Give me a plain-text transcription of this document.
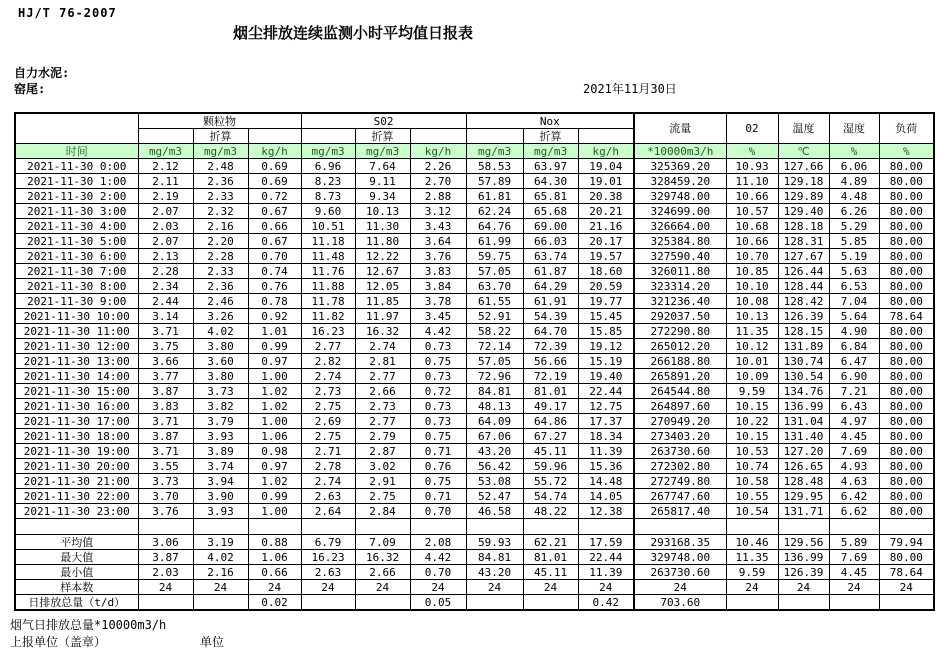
HJ/T 76-2007
烟尘排放连续监测小时平均值日报表
自力水泥:
窑尾:	2021年11月30日
	颗粒物			S02			Nox			流量	02	温度	湿度	负荷
		折算			折算			折算						
时间	mg/m3	mg/m3	kg/h	mg/m3	mg/m3	kg/h	mg/m3	mg/m3	kg/h	*10000m3/h	%	℃	%	%
2021-11-30 0:00	2.12	2.48	0.69	6.96	7.64	2.26	58.53	63.97	19.04	325369.20	10.93	127.66	6.06	80.00
2021-11-30 1:00	2.11	2.36	0.69	8.23	9.11	2.70	57.89	64.30	19.01	328459.20	11.10	129.18	4.89	80.00
2021-11-30 2:00	2.19	2.33	0.72	8.73	9.34	2.88	61.81	65.81	20.38	329748.00	10.66	129.89	4.48	80.00
2021-11-30 3:00	2.07	2.32	0.67	9.60	10.13	3.12	62.24	65.68	20.21	324699.00	10.57	129.40	6.26	80.00
2021-11-30 4:00	2.03	2.16	0.66	10.51	11.30	3.43	64.76	69.00	21.16	326664.00	10.68	128.18	5.29	80.00
2021-11-30 5:00	2.07	2.20	0.67	11.18	11.80	3.64	61.99	66.03	20.17	325384.80	10.66	128.31	5.85	80.00
2021-11-30 6:00	2.13	2.28	0.70	11.48	12.22	3.76	59.75	63.74	19.57	327590.40	10.70	127.67	5.19	80.00
2021-11-30 7:00	2.28	2.33	0.74	11.76	12.67	3.83	57.05	61.87	18.60	326011.80	10.85	126.44	5.63	80.00
2021-11-30 8:00	2.34	2.36	0.76	11.88	12.05	3.84	63.70	64.29	20.59	323314.20	10.10	128.44	6.53	80.00
2021-11-30 9:00	2.44	2.46	0.78	11.78	11.85	3.78	61.55	61.91	19.77	321236.40	10.08	128.42	7.04	80.00
2021-11-30 10:00	3.14	3.26	0.92	11.82	11.97	3.45	52.91	54.39	15.45	292037.50	10.13	126.39	5.64	78.64
2021-11-30 11:00	3.71	4.02	1.01	16.23	16.32	4.42	58.22	64.70	15.85	272290.80	11.35	128.15	4.90	80.00
2021-11-30 12:00	3.75	3.80	0.99	2.77	2.74	0.73	72.14	72.39	19.12	265012.20	10.12	131.89	6.84	80.00
2021-11-30 13:00	3.66	3.60	0.97	2.82	2.81	0.75	57.05	56.66	15.19	266188.80	10.01	130.74	6.47	80.00
2021-11-30 14:00	3.77	3.80	1.00	2.74	2.77	0.73	72.96	72.19	19.40	265891.20	10.09	130.54	6.90	80.00
2021-11-30 15:00	3.87	3.73	1.02	2.73	2.66	0.72	84.81	81.01	22.44	264544.80	9.59	134.76	7.21	80.00
2021-11-30 16:00	3.83	3.82	1.02	2.75	2.73	0.73	48.13	49.17	12.75	264897.60	10.15	136.99	6.43	80.00
2021-11-30 17:00	3.71	3.79	1.00	2.69	2.77	0.73	64.09	64.86	17.37	270949.20	10.22	131.04	4.97	80.00
2021-11-30 18:00	3.87	3.93	1.06	2.75	2.79	0.75	67.06	67.27	18.34	273403.20	10.15	131.40	4.45	80.00
2021-11-30 19:00	3.71	3.89	0.98	2.71	2.87	0.71	43.20	45.11	11.39	263730.60	10.53	127.20	7.69	80.00
2021-11-30 20:00	3.55	3.74	0.97	2.78	3.02	0.76	56.42	59.96	15.36	272302.80	10.74	126.65	4.93	80.00
2021-11-30 21:00	3.73	3.94	1.02	2.74	2.91	0.75	53.08	55.72	14.48	272749.80	10.58	128.48	4.63	80.00
2021-11-30 22:00	3.70	3.90	0.99	2.63	2.75	0.71	52.47	54.74	14.05	267747.60	10.55	129.95	6.42	80.00
2021-11-30 23:00	3.76	3.93	1.00	2.64	2.84	0.70	46.58	48.22	12.38	265817.40	10.54	131.71	6.62	80.00

平均值	3.06	3.19	0.88	6.79	7.09	2.08	59.93	62.21	17.59	293168.35	10.46	129.56	5.89	79.94
最大值	3.87	4.02	1.06	16.23	16.32	4.42	84.81	81.01	22.44	329748.00	11.35	136.99	7.69	80.00
最小值	2.03	2.16	0.66	2.63	2.66	0.70	43.20	45.11	11.39	263730.60	9.59	126.39	4.45	78.64
样本数	24	24	24	24	24	24	24	24	24	24	24	24	24	24
日排放总量（t/d）			0.02			0.05			0.42	703.60				
烟气日排放总量*10000m3/h
上报单位（盖章）	单位
